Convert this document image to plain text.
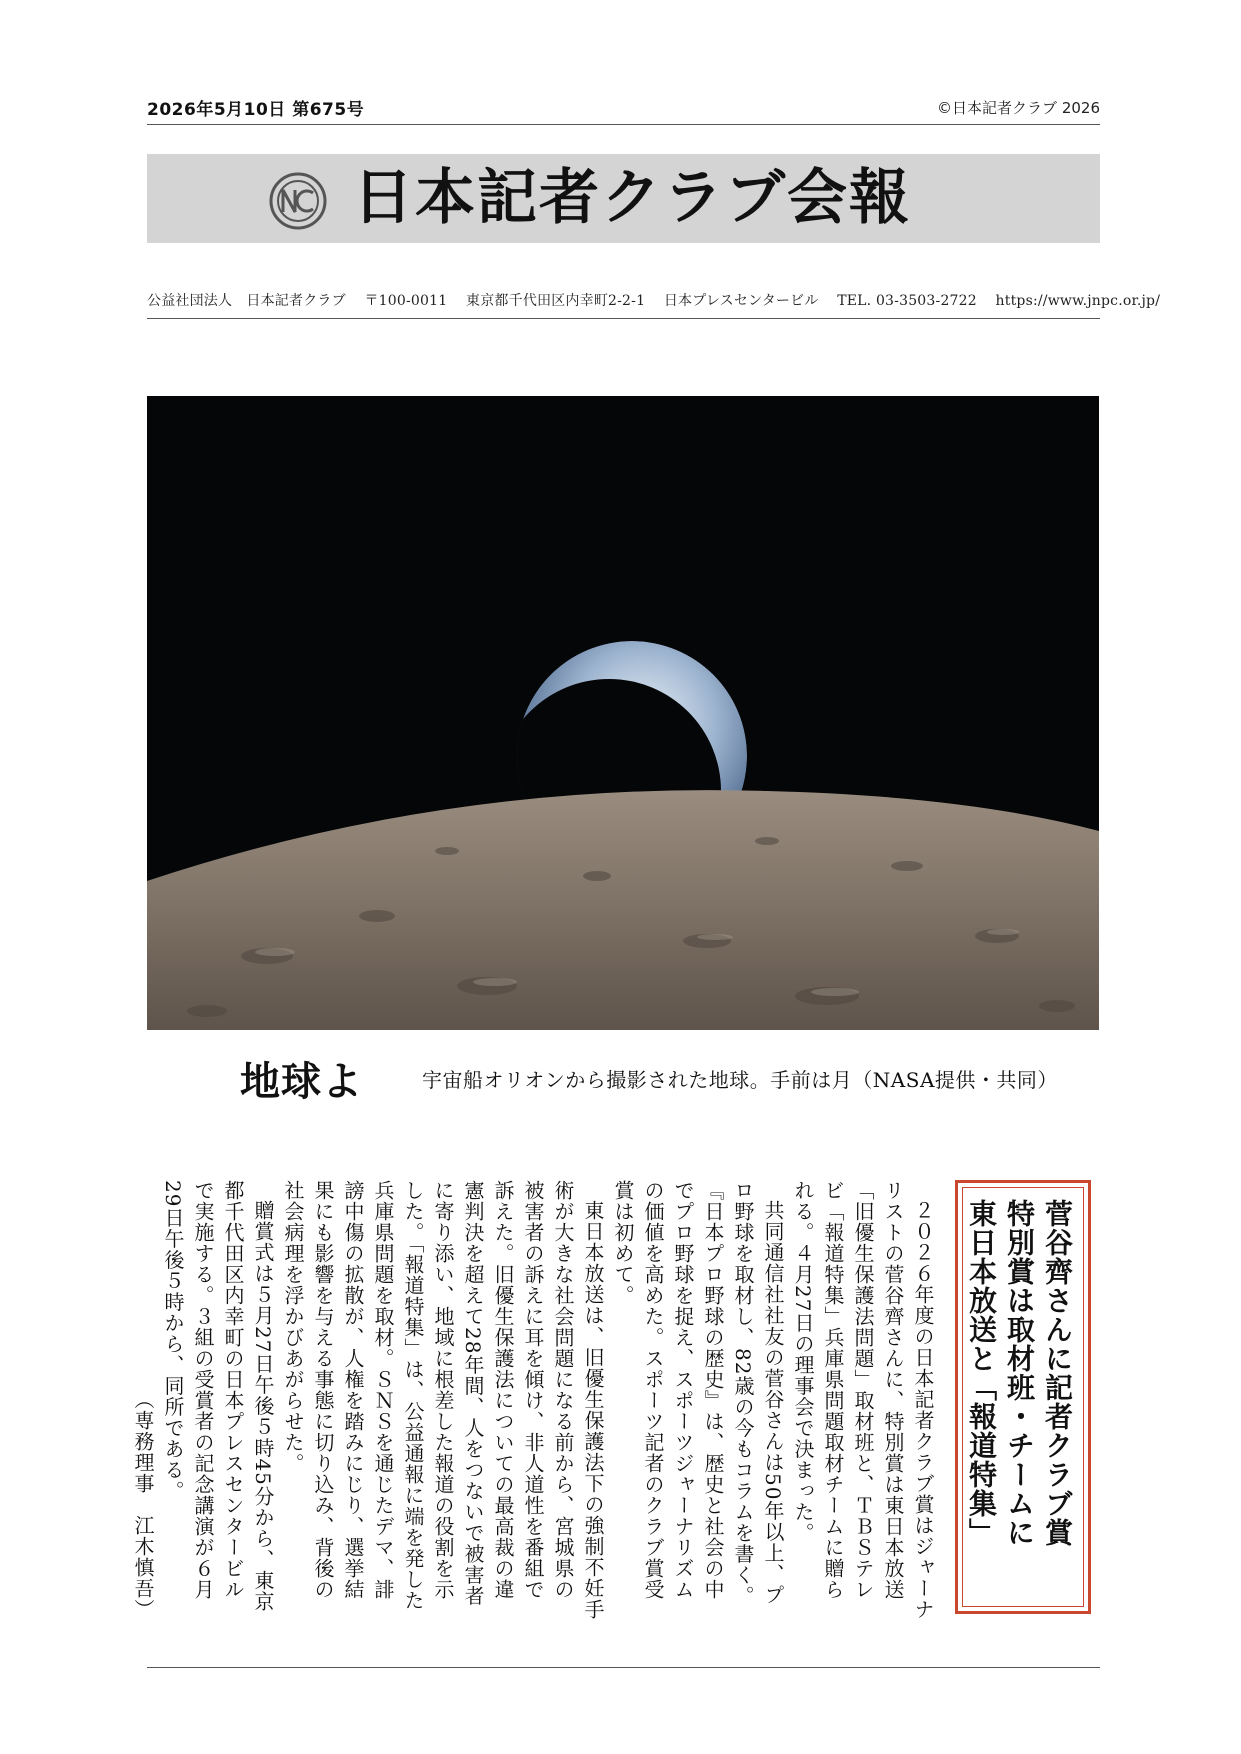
2026年5月10日 第675号	©日本記者クラブ 2026
日本記者クラブ会報
公益社団法人　日本記者クラブ 〒100-0011 東京都千代田区内幸町2-2-1 日本プレスセンタービル TEL. 03-3503-2722 https://www.jnpc.or.jp/
地球よ	宇宙船オリオンから撮影された地球。手前は月（NASA提供・共同）
菅谷齊さんに記者クラブ賞
特別賞は取材班・チームに
東日本放送と「報道特集」

２０２６年度の日本記者クラブ賞はジャーナリストの菅谷齊さんに、特別賞は東日本放送「旧優生保護法問題」取材班と、ＴＢＳテレビ「報道特集」兵庫県問題取材チームに贈られる。４月27日の理事会で決まった。

共同通信社社友の菅谷さんは50年以上、プロ野球を取材し、82歳の今もコラムを書く。『日本プロ野球の歴史』は、歴史と社会の中でプロ野球を捉え、スポーツジャーナリズムの価値を高めた。スポーツ記者のクラブ賞受賞は初めて。

東日本放送は、旧優生保護法下の強制不妊手術が大きな社会問題になる前から、宮城県の被害者の訴えに耳を傾け、非人道性を番組で訴えた。旧優生保護法についての最高裁の違憲判決を超えて28年間、人をつないで被害者に寄り添い、地域に根差した報道の役割を示した。「報道特集」は、公益通報に端を発した兵庫県問題を取材。ＳＮＳを通じたデマ、誹謗中傷の拡散が、人権を踏みにじり、選挙結果にも影響を与える事態に切り込み、背後の社会病理を浮かびあがらせた。

贈賞式は５月27日午後５時45分から、東京都千代田区内幸町の日本プレスセンタービルで実施する。３組の受賞者の記念講演が６月29日午後５時から、同所である。

（専務理事　江木慎吾）
